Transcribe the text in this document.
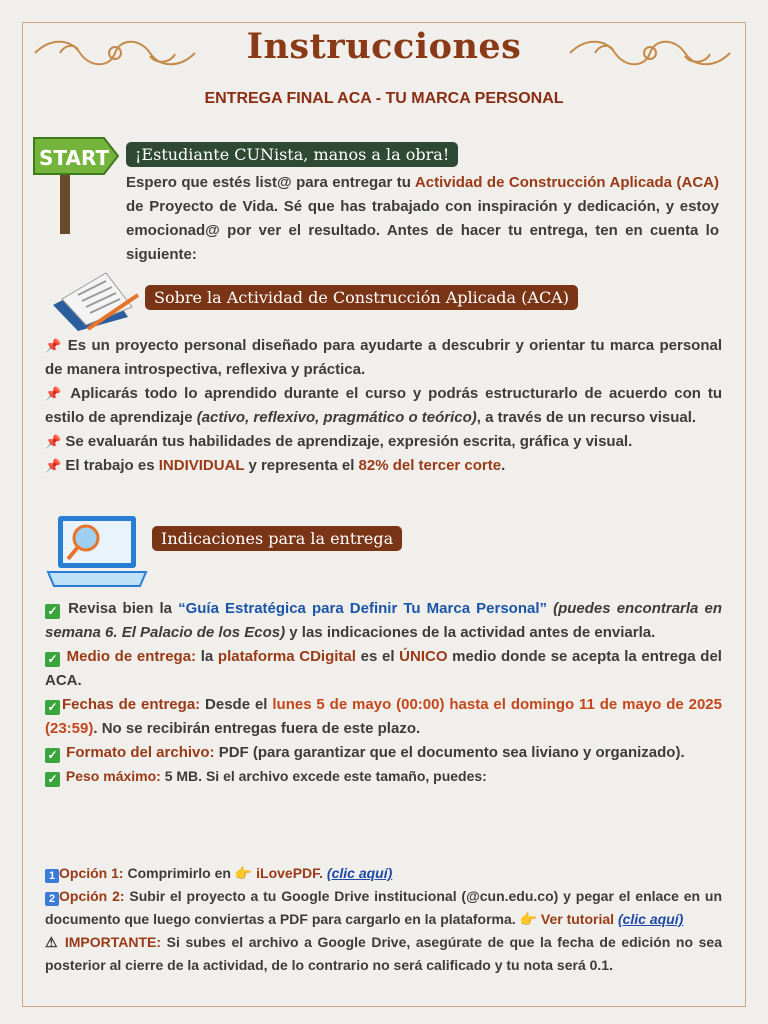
Instrucciones
ENTREGA FINAL ACA - TU MARCA PERSONAL
START	¡Estudiante CUNista, manos a la obra!
Espero que estés list@ para entregar tu Actividad de Construcción Aplicada (ACA) de Proyecto de Vida. Sé que has trabajado con inspiración y dedicación, y estoy emocionad@ por ver el resultado. Antes de hacer tu entrega, ten en cuenta lo siguiente:
Sobre la Actividad de Construcción Aplicada (ACA)
📌 Es un proyecto personal diseñado para ayudarte a descubrir y orientar tu marca personal de manera introspectiva, reflexiva y práctica.
📌 Aplicarás todo lo aprendido durante el curso y podrás estructurarlo de acuerdo con tu estilo de aprendizaje (activo, reflexivo, pragmático o teórico), a través de un recurso visual.
📌 Se evaluarán tus habilidades de aprendizaje, expresión escrita, gráfica y visual.
📌 El trabajo es INDIVIDUAL y representa el 82% del tercer corte.
Indicaciones para la entrega
✓ Revisa bien la “Guía Estratégica para Definir Tu Marca Personal” (puedes encontrarla en semana 6. El Palacio de los Ecos) y las indicaciones de la actividad antes de enviarla.
✓ Medio de entrega: la plataforma CDigital es el ÚNICO medio donde se acepta la entrega del ACA.
✓ Fechas de entrega: Desde el lunes 5 de mayo (00:00) hasta el domingo 11 de mayo de 2025 (23:59). No se recibirán entregas fuera de este plazo.
✓ Formato del archivo: PDF (para garantizar que el documento sea liviano y organizado).
✓ Peso máximo: 5 MB. Si el archivo excede este tamaño, puedes:
1 Opción 1: Comprimirlo en 👉 iLovePDF. (clic aquí)
2 Opción 2: Subir el proyecto a tu Google Drive institucional (@cun.edu.co) y pegar el enlace en un documento que luego conviertas a PDF para cargarlo en la plataforma. 👉 Ver tutorial (clic aquí)
⚠ IMPORTANTE: Si subes el archivo a Google Drive, asegúrate de que la fecha de edición no sea posterior al cierre de la actividad, de lo contrario no será calificado y tu nota será 0.1.
